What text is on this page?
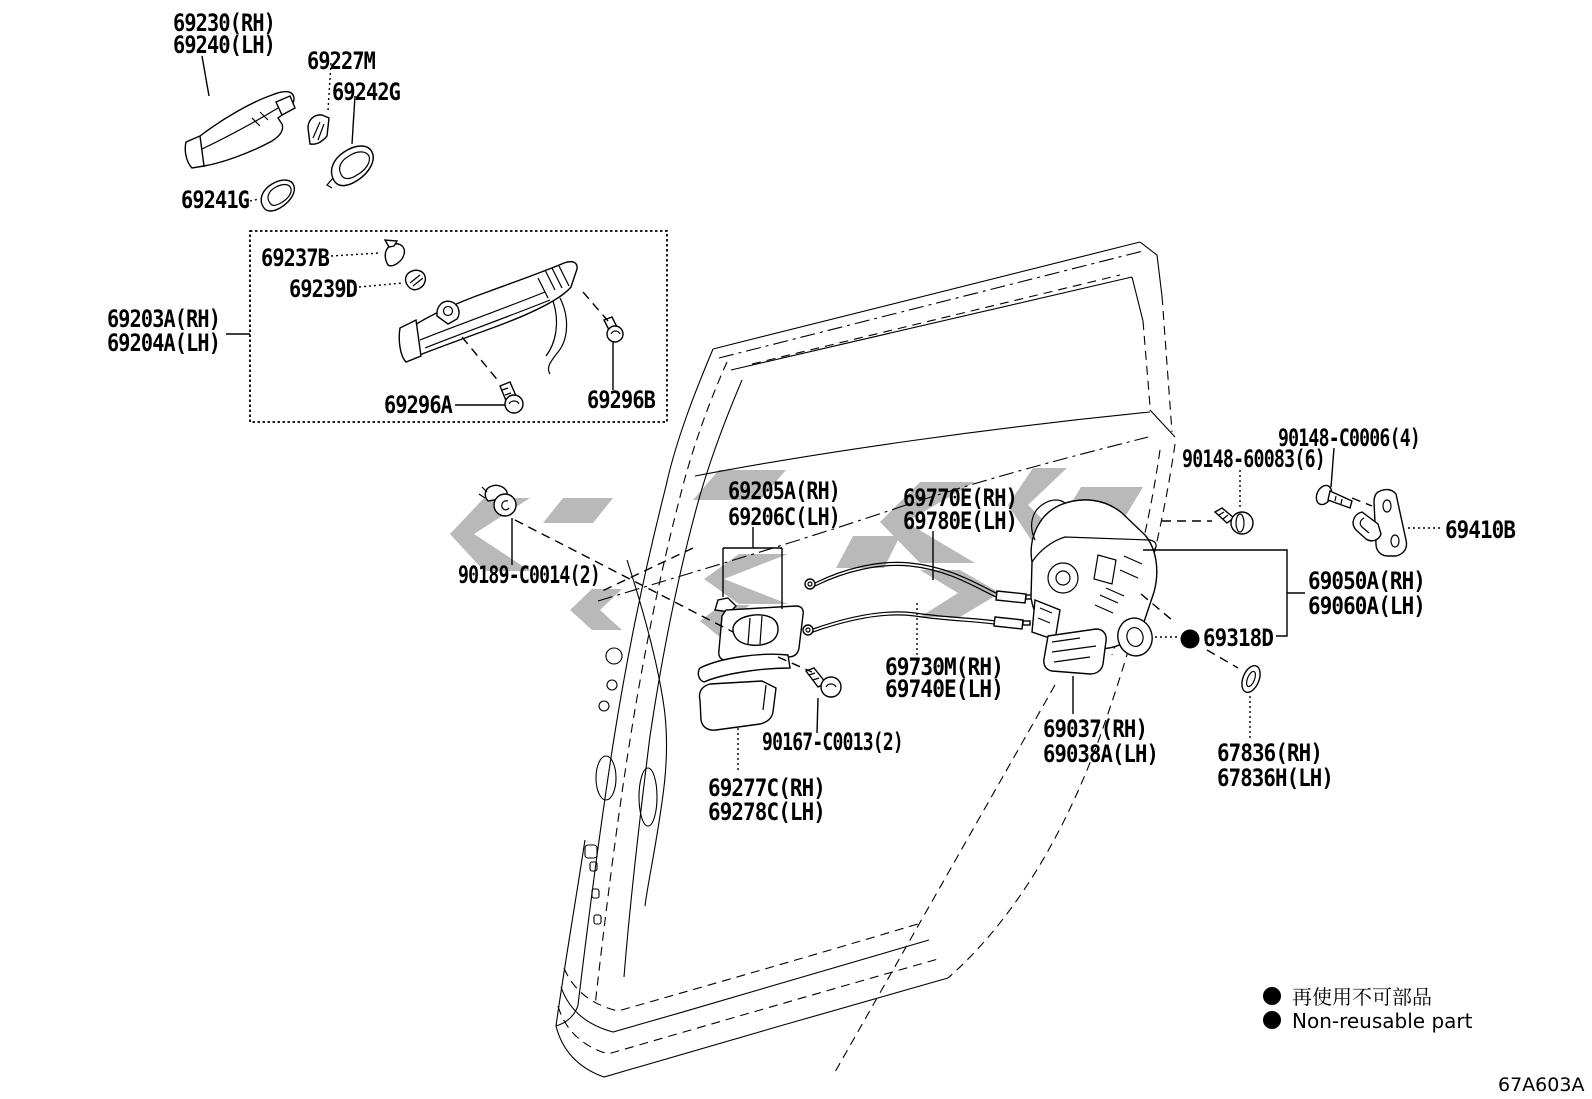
69230(RH)
69240(LH)
69227M
69242G
69241G
69237B
69239D
69203A(RH)
69204A(LH)
69296A	69296B
90189-C0014(2)
69205A(RH)
69206C(LH)
69770E(RH)
69780E(LH)
69730M(RH)
69740E(LH)
90167-C0013(2)
69277C(RH)
69278C(LH)
69037(RH)
69038A(LH) 67836(RH)
67836H(LH)
69318D
90148-C0006(4)
90148-60083(6)
69410B
69050A(RH)
69060A(LH)
再使用不可部品
Non-reusable part
67A603A
